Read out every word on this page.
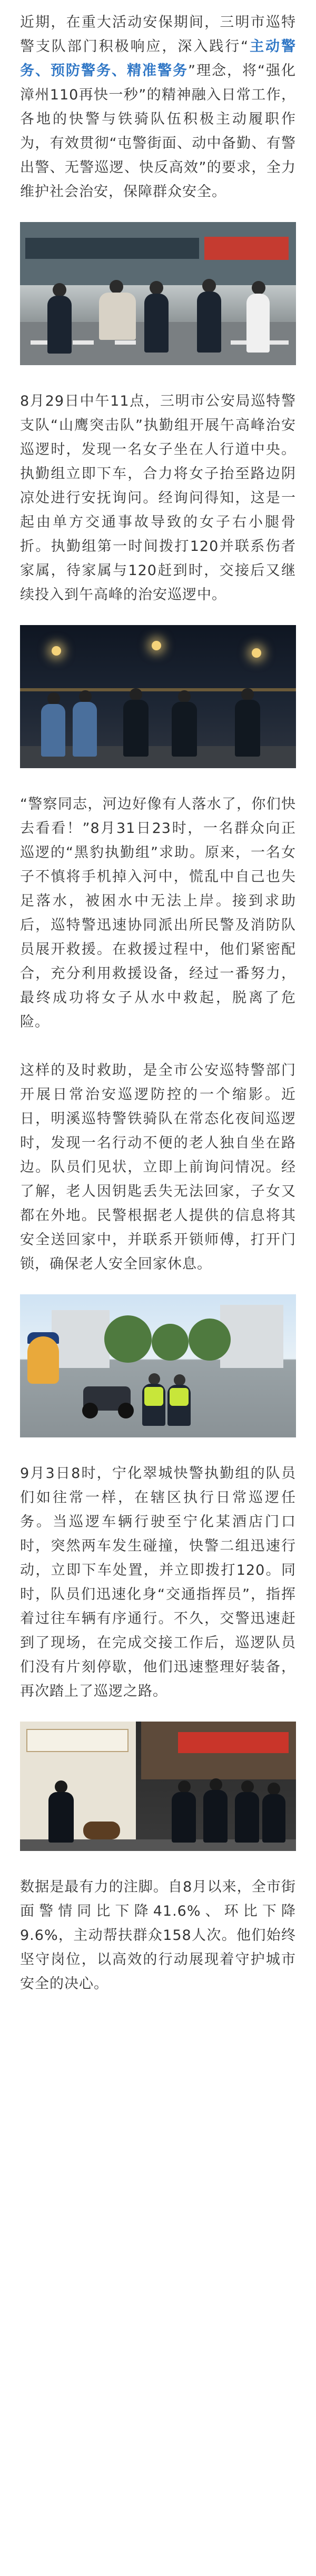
近期，在重大活动安保期间，三明市巡特警支队部门积极响应，深入践行“主动警务、预防警务、精准警务”理念，将“强化漳州110再快一秒”的精神融入日常工作，各地的快警与铁骑队伍积极主动履职作为，有效贯彻“屯警街面、动中备勤、有警出警、无警巡逻、快反高效”的要求，全力维护社会治安，保障群众安全。

8月29日中午11点，三明市公安局巡特警支队“山鹰突击队”执勤组开展午高峰治安巡逻时，发现一名女子坐在人行道中央。执勤组立即下车，合力将女子抬至路边阴凉处进行安抚询问。经询问得知，这是一起由单方交通事故导致的女子右小腿骨折。执勤组第一时间拨打120并联系伤者家属，待家属与120赶到时，交接后又继续投入到午高峰的治安巡逻中。

“警察同志，河边好像有人落水了，你们快去看看！”8月31日23时，一名群众向正巡逻的“黑豹执勤组”求助。原来，一名女子不慎将手机掉入河中，慌乱中自己也失足落水，被困水中无法上岸。接到求助后，巡特警迅速协同派出所民警及消防队员展开救援。在救援过程中，他们紧密配合，充分利用救援设备，经过一番努力，最终成功将女子从水中救起，脱离了危险。

这样的及时救助，是全市公安巡特警部门开展日常治安巡逻防控的一个缩影。近日，明溪巡特警铁骑队在常态化夜间巡逻时，发现一名行动不便的老人独自坐在路边。队员们见状，立即上前询问情况。经了解，老人因钥匙丢失无法回家，子女又都在外地。民警根据老人提供的信息将其安全送回家中，并联系开锁师傅，打开门锁，确保老人安全回家休息。

9月3日8时，宁化翠城快警执勤组的队员们如往常一样，在辖区执行日常巡逻任务。当巡逻车辆行驶至宁化某酒店门口时，突然两车发生碰撞，快警二组迅速行动，立即下车处置，并立即拨打120。同时，队员们迅速化身“交通指挥员”，指挥着过往车辆有序通行。不久，交警迅速赶到了现场，在完成交接工作后，巡逻队员们没有片刻停歇，他们迅速整理好装备，再次踏上了巡逻之路。

数据是最有力的注脚。自8月以来，全市街面警情同比下降41.6%、环比下降9.6%，主动帮扶群众158人次。他们始终坚守岗位，以高效的行动展现着守护城市安全的决心。
